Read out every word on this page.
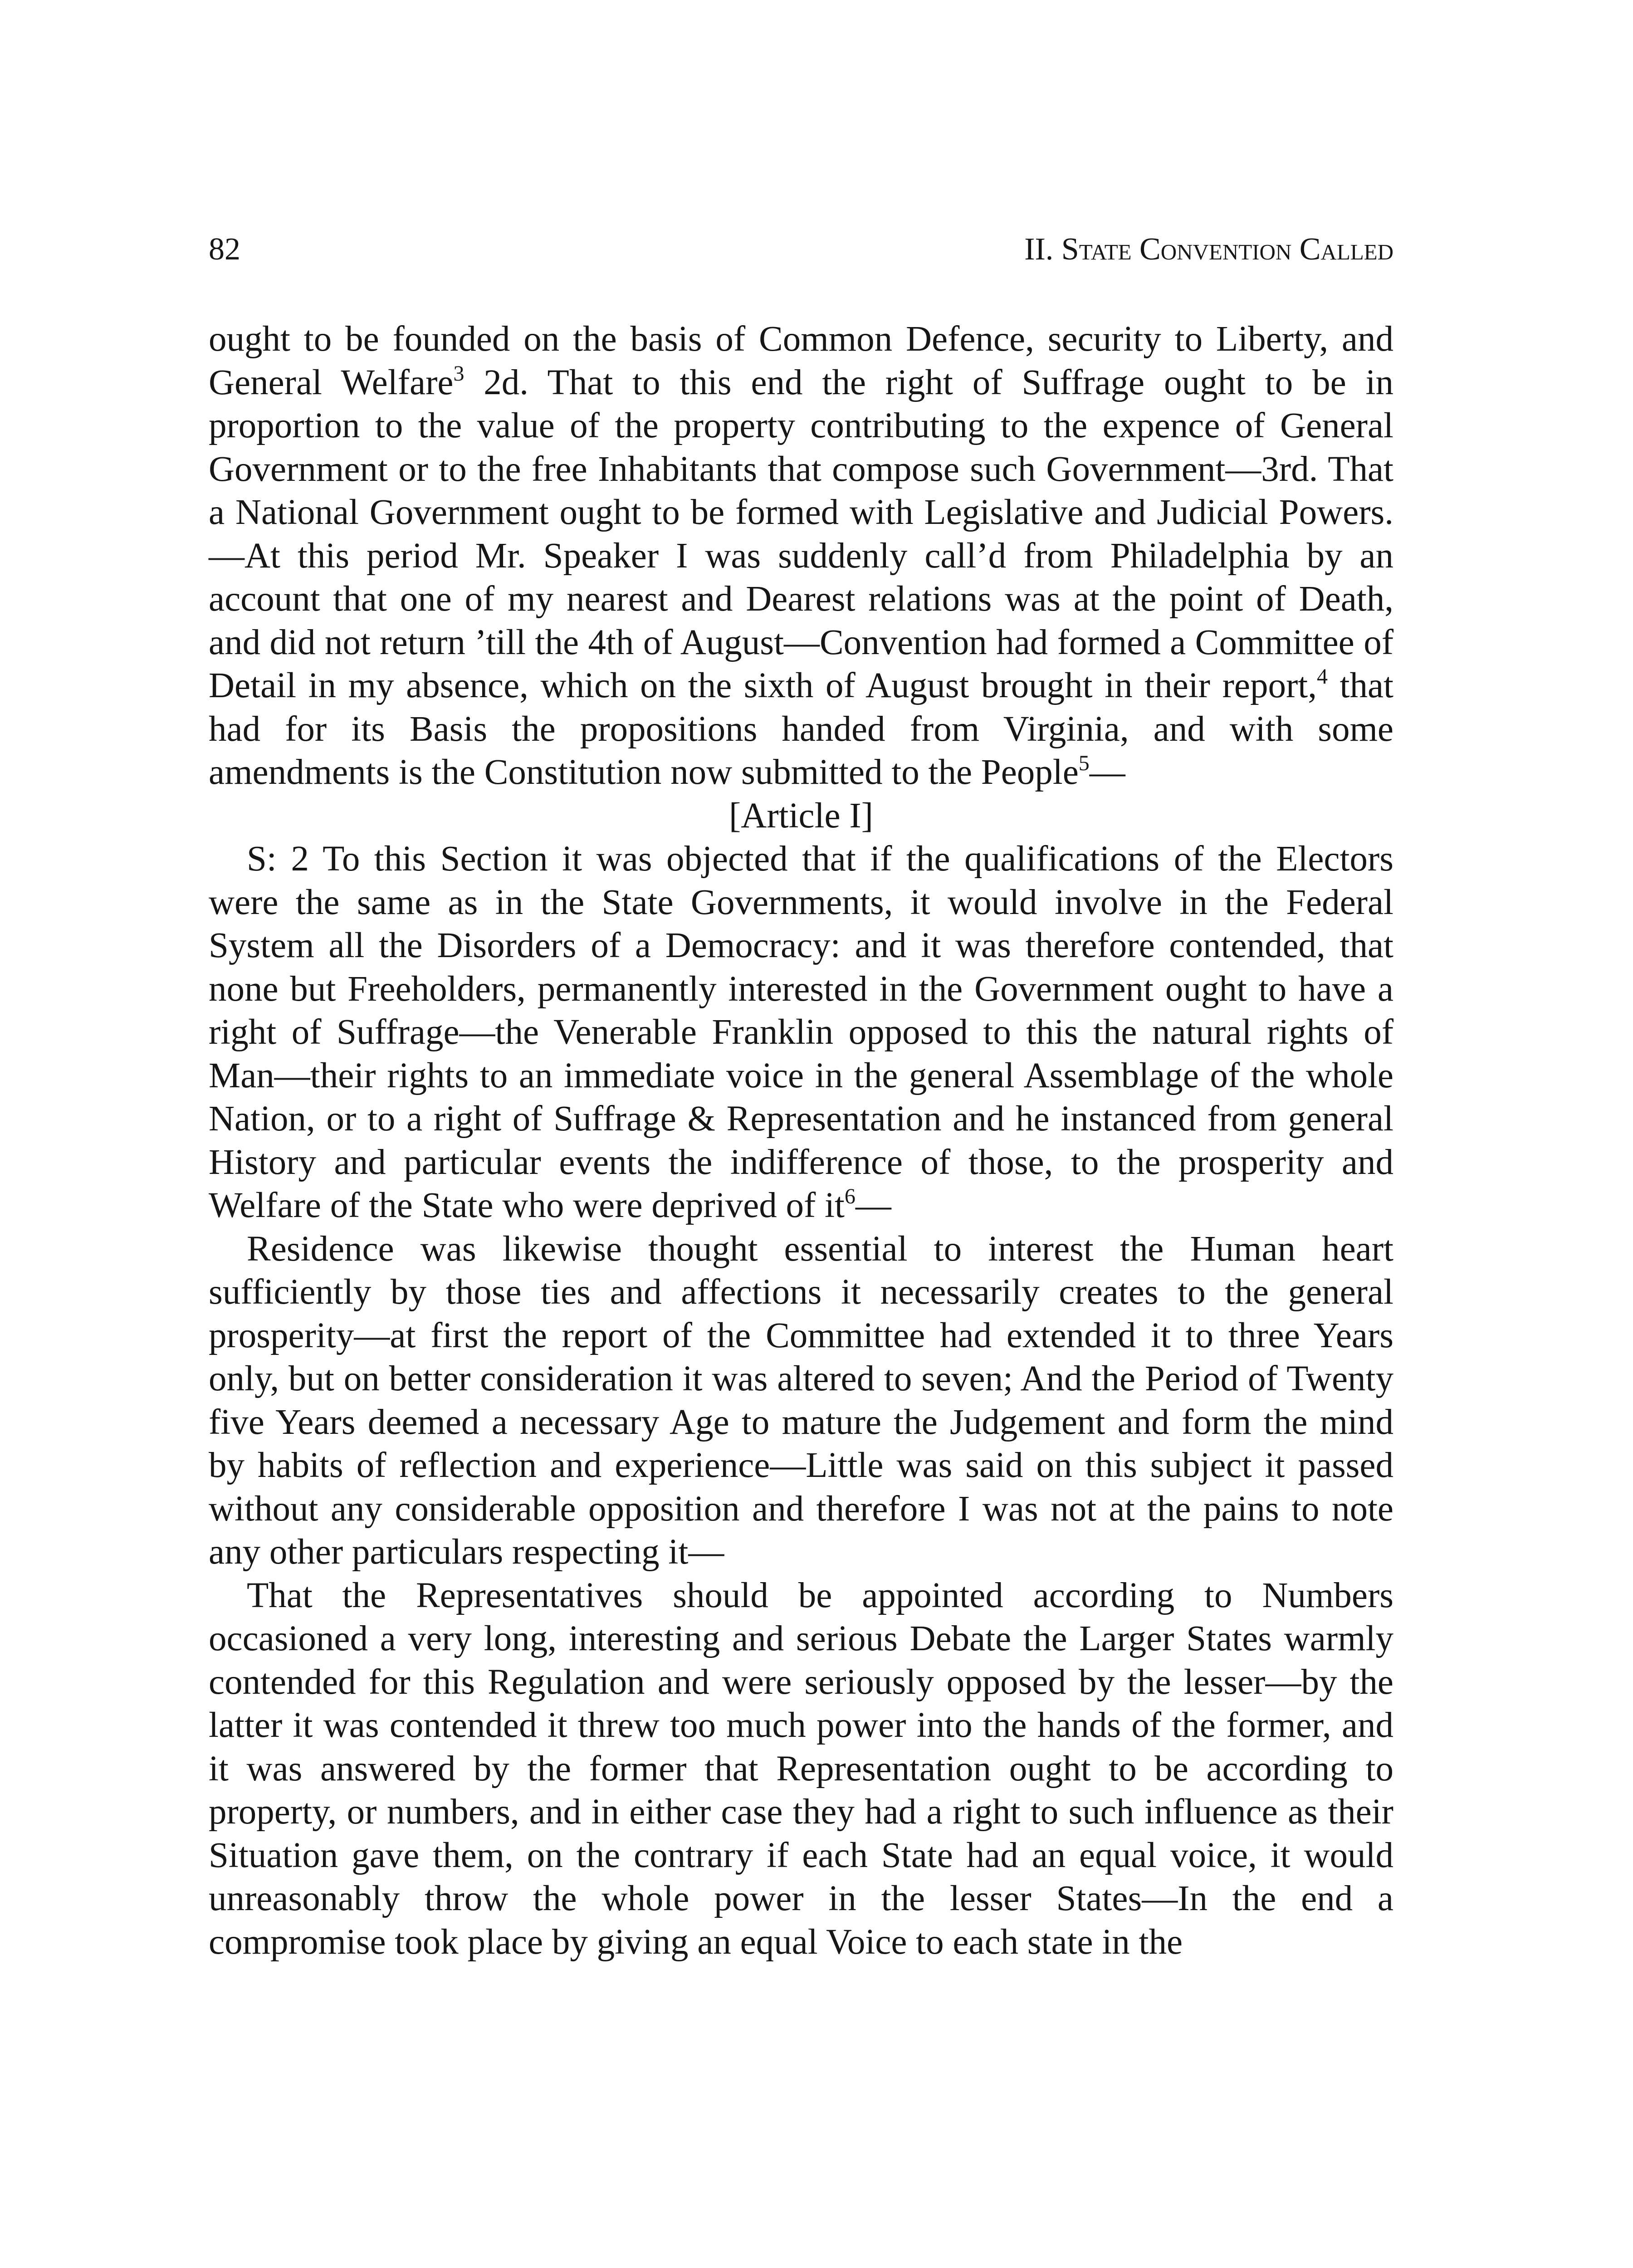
82	II. State Convention Called

ought to be founded on the basis of Common Defence, security to Liberty, and General Welfare$^3$ 2d. That to this end the right of Suffrage ought to be in proportion to the value of the property contributing to the expence of General Government or to the free Inhabitants that compose such Government—3rd. That a National Government ought to be formed with Legislative and Judicial Powers.—At this period Mr. Speaker I was suddenly call’d from Philadelphia by an account that one of my nearest and Dearest relations was at the point of Death, and did not return ’till the 4th of August—Convention had formed a Committee of Detail in my absence, which on the sixth of August brought in their report,$^4$ that had for its Basis the propositions handed from Virginia, and with some amendments is the Constitution now submitted to the People$^5$—

[Article I]

S: 2 To this Section it was objected that if the qualifications of the Electors were the same as in the State Governments, it would involve in the Federal System all the Disorders of a Democracy: and it was therefore contended, that none but Freeholders, permanently interested in the Government ought to have a right of Suffrage—the Venerable Franklin opposed to this the natural rights of Man—their rights to an immediate voice in the general Assemblage of the whole Nation, or to a right of Suffrage & Representation and he instanced from general History and particular events the indifference of those, to the prosperity and Welfare of the State who were deprived of $it^6—$

Residence was likewise thought essential to interest the Human heart sufficiently by those ties and affections it necessarily creates to the general prosperity—at first the report of the Committee had extended it to three Years only, but on better consideration it was altered to seven; And the Period of Twenty five Years deemed a necessary Age to mature the Judgement and form the mind by habits of reflection and experience—Little was said on this subject it passed without any considerable opposition and therefore I was not at the pains to note any other particulars respecting it—

That the Representatives should be appointed according to Numbers occasioned a very long, interesting and serious Debate the Larger States warmly contended for this Regulation and were seriously opposed by the lesser—by the latter it was contended it threw too much power into the hands of the former, and it was answered by the former that Representation ought to be according to property, or numbers, and in either case they had a right to such influence as their Situation gave them, on the contrary if each State had an equal voice, it would unreasonably throw the whole power in the lesser States—In the end a compromise took place by giving an equal Voice to each state in the
